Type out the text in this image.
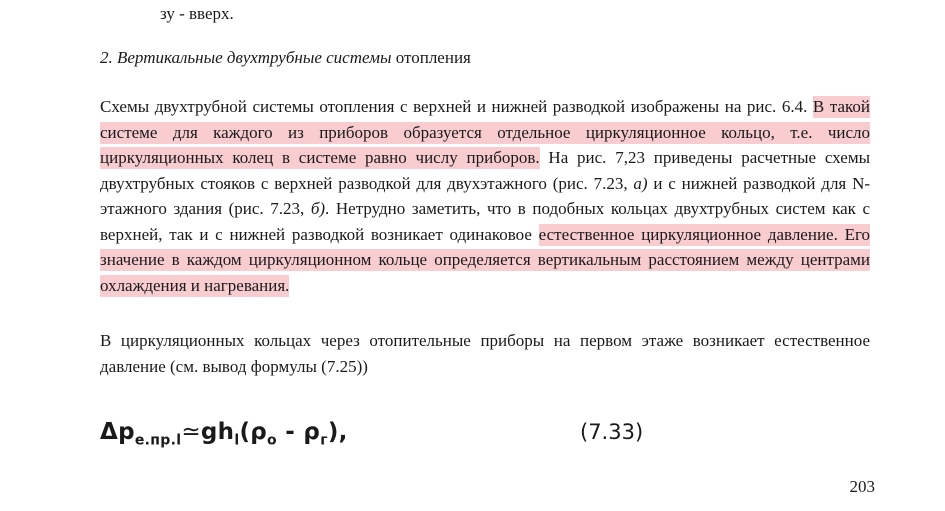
зу - вверх.
2. Вертикальные двухтрубные системы отопления
Схемы двухтрубной системы отопления с верхней и нижней разводкой изображены на рис. 6.4. В такой системе для каждого из приборов образуется отдельное циркуляционное кольцо, т.е. число циркуляционных колец в системе равно числу приборов. На рис. 7,23 приведены расчетные схемы двухтрубных стояков с верхней разводкой для двухэтажного (рис. 7.23, а) и с нижней разводкой для N-этажного здания (рис. 7.23, б). Нетрудно заметить, что в подобных кольцах двухтрубных систем как с верхней, так и с нижней разводкой возникает одинаковое естественное циркуляционное давление. Его значение в каждом циркуляционном кольце определяется вертикальным расстоянием между центрами охлаждения и нагревания.
В циркуляционных кольцах через отопительные приборы на первом этаже возникает естественное давление (см. вывод формулы (7.25))
$\Delta p_{e.пр.l}≃gh_l(\rho_o - \rho_г)$,	(7.33)
203
